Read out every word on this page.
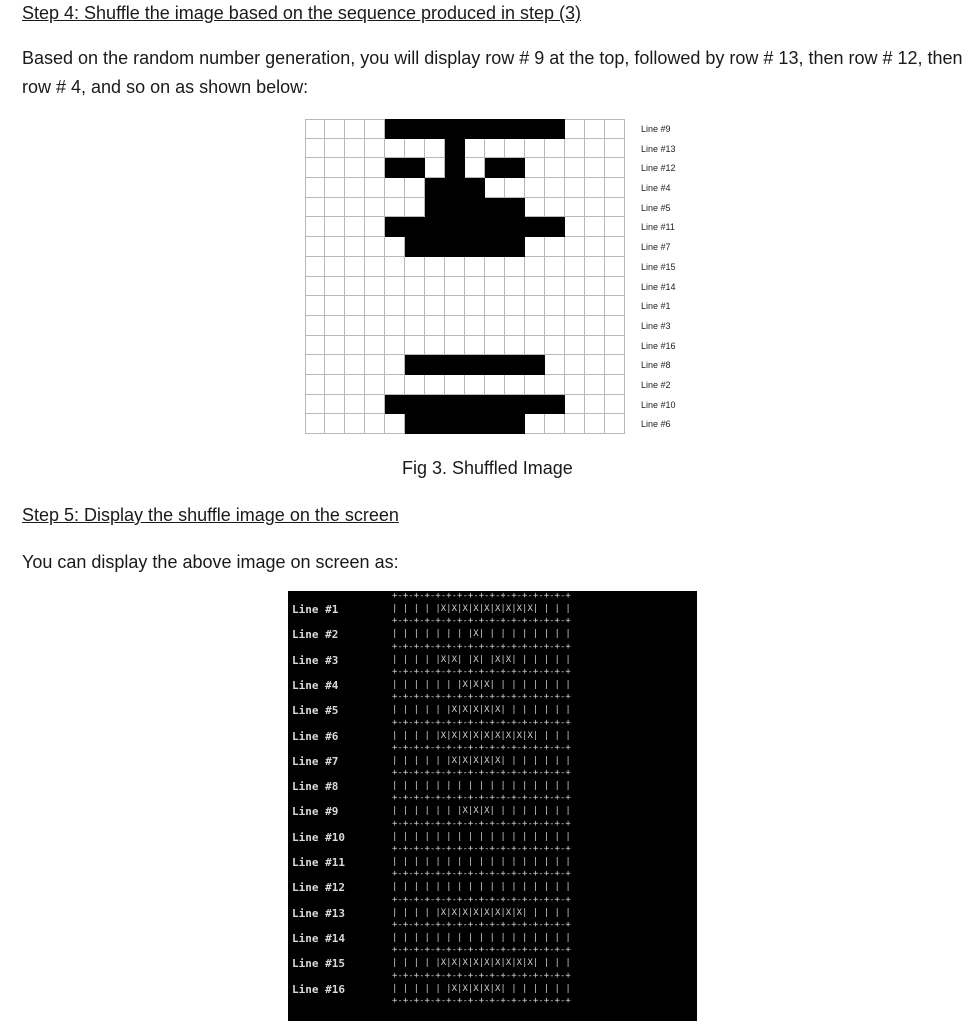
Step 4: Shuffle the image based on the sequence produced in step (3)
Based on the random number generation, you will display row # 9 at the top, followed by row # 13, then row # 12, then row # 4, and so on as shown below:
Line #9
Line #13
Line #12
Line #4
Line #5
Line #11
Line #7
Line #15
Line #14
Line #1
Line #3
Line #16
Line #8
Line #2
Line #10
Line #6
Fig 3. Shuffled Image
Step 5: Display the shuffle image on the screen
You can display the above image on screen as:
Line #1
+-+-+-+-+-+-+-+-+-+-+-+-+-+-+-+-+
| | | | |X|X|X|X|X|X|X|X|X| | | |
Line #2
+-+-+-+-+-+-+-+-+-+-+-+-+-+-+-+-+
| | | | | | | |X| | | | | | | | |
Line #3
+-+-+-+-+-+-+-+-+-+-+-+-+-+-+-+-+
| | | | |X|X| |X| |X|X| | | | | |
Line #4
+-+-+-+-+-+-+-+-+-+-+-+-+-+-+-+-+
| | | | | | |X|X|X| | | | | | | |
Line #5
+-+-+-+-+-+-+-+-+-+-+-+-+-+-+-+-+
| | | | | |X|X|X|X|X| | | | | | |
Line #6
+-+-+-+-+-+-+-+-+-+-+-+-+-+-+-+-+
| | | | |X|X|X|X|X|X|X|X|X| | | |
Line #7
+-+-+-+-+-+-+-+-+-+-+-+-+-+-+-+-+
| | | | | |X|X|X|X|X| | | | | | |
Line #8
+-+-+-+-+-+-+-+-+-+-+-+-+-+-+-+-+
| | | | | | | | | | | | | | | | |
Line #9
+-+-+-+-+-+-+-+-+-+-+-+-+-+-+-+-+
| | | | | | |X|X|X| | | | | | | |
Line #10
+-+-+-+-+-+-+-+-+-+-+-+-+-+-+-+-+
| | | | | | | | | | | | | | | | |
Line #11
+-+-+-+-+-+-+-+-+-+-+-+-+-+-+-+-+
| | | | | | | | | | | | | | | | |
Line #12
+-+-+-+-+-+-+-+-+-+-+-+-+-+-+-+-+
| | | | | | | | | | | | | | | | |
Line #13
+-+-+-+-+-+-+-+-+-+-+-+-+-+-+-+-+
| | | | |X|X|X|X|X|X|X|X| | | | |
Line #14
+-+-+-+-+-+-+-+-+-+-+-+-+-+-+-+-+
| | | | | | | | | | | | | | | | |
Line #15
+-+-+-+-+-+-+-+-+-+-+-+-+-+-+-+-+
| | | | |X|X|X|X|X|X|X|X|X| | | |
Line #16
+-+-+-+-+-+-+-+-+-+-+-+-+-+-+-+-+
| | | | | |X|X|X|X|X| | | | | | |
+-+-+-+-+-+-+-+-+-+-+-+-+-+-+-+-+
